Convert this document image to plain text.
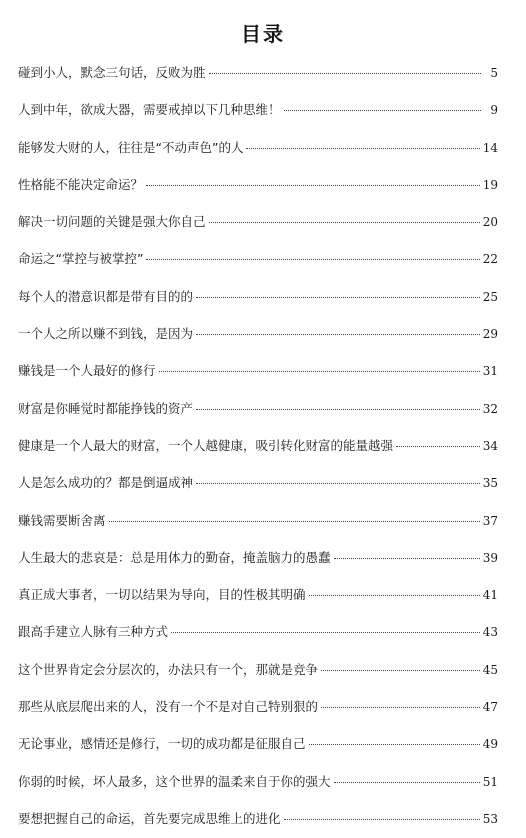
目录
碰到小人，默念三句话，反败为胜	5
人到中年，欲成大器，需要戒掉以下几种思维！	9
能够发大财的人，往往是“不动声色”的人	14
性格能不能决定命运？	19
解决一切问题的关键是强大你自己	20
命运之“掌控与被掌控”	22
每个人的潜意识都是带有目的的	25
一个人之所以赚不到钱，是因为	29
赚钱是一个人最好的修行	31
财富是你睡觉时都能挣钱的资产	32
健康是一个人最大的财富，一个人越健康，吸引转化财富的能量越强	34
人是怎么成功的？都是倒逼成神	35
赚钱需要断舍离	37
人生最大的悲哀是：总是用体力的勤奋，掩盖脑力的愚蠢	39
真正成大事者，一切以结果为导向，目的性极其明确	41
跟高手建立人脉有三种方式	43
这个世界肯定会分层次的，办法只有一个，那就是竞争	45
那些从底层爬出来的人，没有一个不是对自己特别狠的	47
无论事业，感情还是修行，一切的成功都是征服自己	49
你弱的时候，坏人最多，这个世界的温柔来自于你的强大	51
要想把握自己的命运，首先要完成思维上的进化	53
